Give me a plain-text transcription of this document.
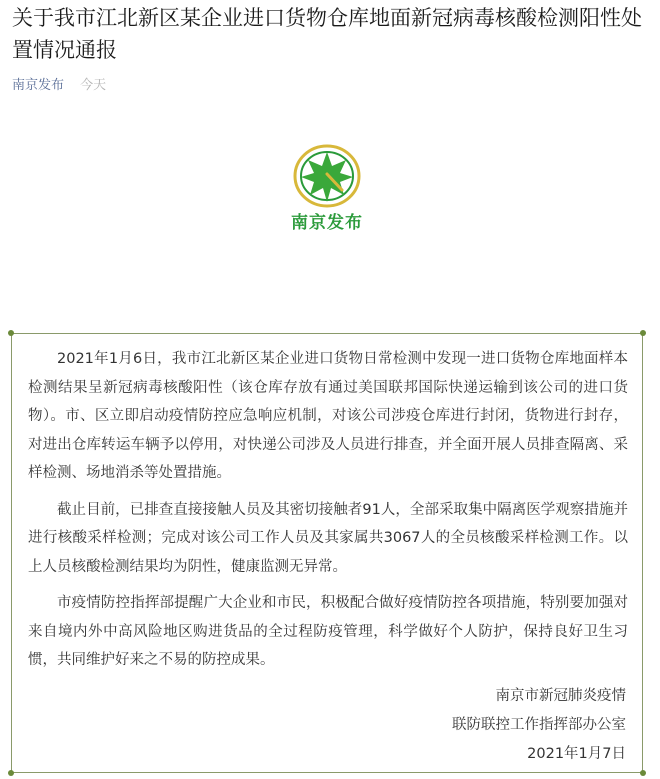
关于我市江北新区某企业进口货物仓库地面新冠病毒核酸检测阳性处置情况通报
南京发布 今天
南京发布

2021年1月6日，我市江北新区某企业进口货物日常检测中发现一进口货物仓库地面样本检测结果呈新冠病毒核酸阳性（该仓库存放有通过美国联邦国际快递运输到该公司的进口货物）。市、区立即启动疫情防控应急响应机制，对该公司涉疫仓库进行封闭，货物进行封存，对进出仓库转运车辆予以停用，对快递公司涉及人员进行排查，并全面开展人员排查隔离、采样检测、场地消杀等处置措施。

截止目前，已排查直接接触人员及其密切接触者91人，全部采取集中隔离医学观察措施并进行核酸采样检测；完成对该公司工作人员及其家属共3067人的全员核酸采样检测工作。以上人员核酸检测结果均为阴性，健康监测无异常。

市疫情防控指挥部提醒广大企业和市民，积极配合做好疫情防控各项措施，特别要加强对来自境内外中高风险地区购进货品的全过程防疫管理，科学做好个人防护，保持良好卫生习惯，共同维护好来之不易的防控成果。

南京市新冠肺炎疫情
联防联控工作指挥部办公室
2021年1月7日
